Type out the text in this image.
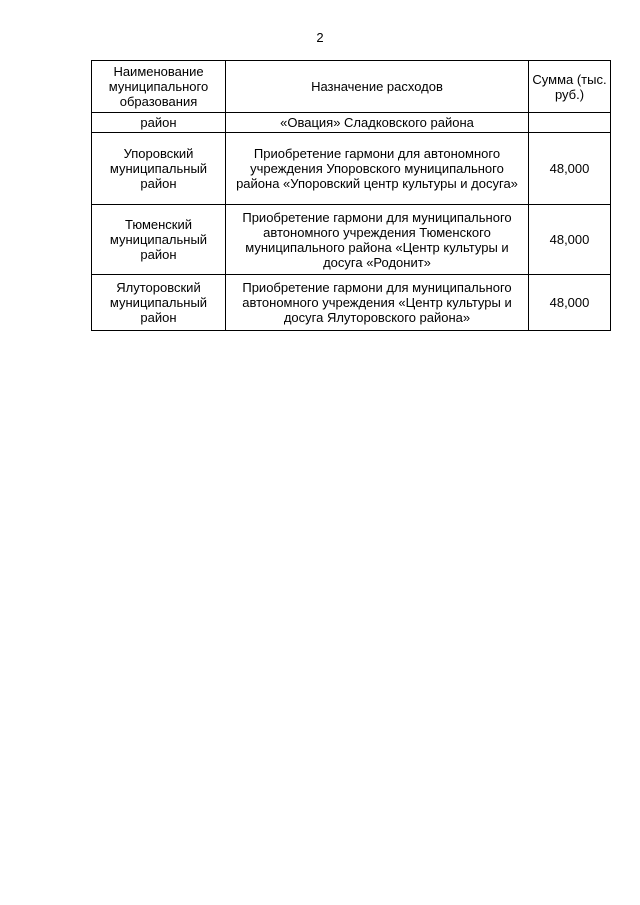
2
Наименование муниципального образования	Назначение расходов	Сумма (тыс. руб.)
район	«Овация» Сладковского района	
Упоровский муниципальный район	Приобретение гармони для автономного учреждения Упоровского муниципального района «Упоровский центр культуры и досуга»	48,000
Тюменский муниципальный район	Приобретение гармони для муниципального автономного учреждения Тюменского муниципального района «Центр культуры и досуга «Родонит»	48,000
Ялуторовский муниципальный район	Приобретение гармони для муниципального автономного учреждения «Центр культуры и досуга Ялуторовского района»	48,000
